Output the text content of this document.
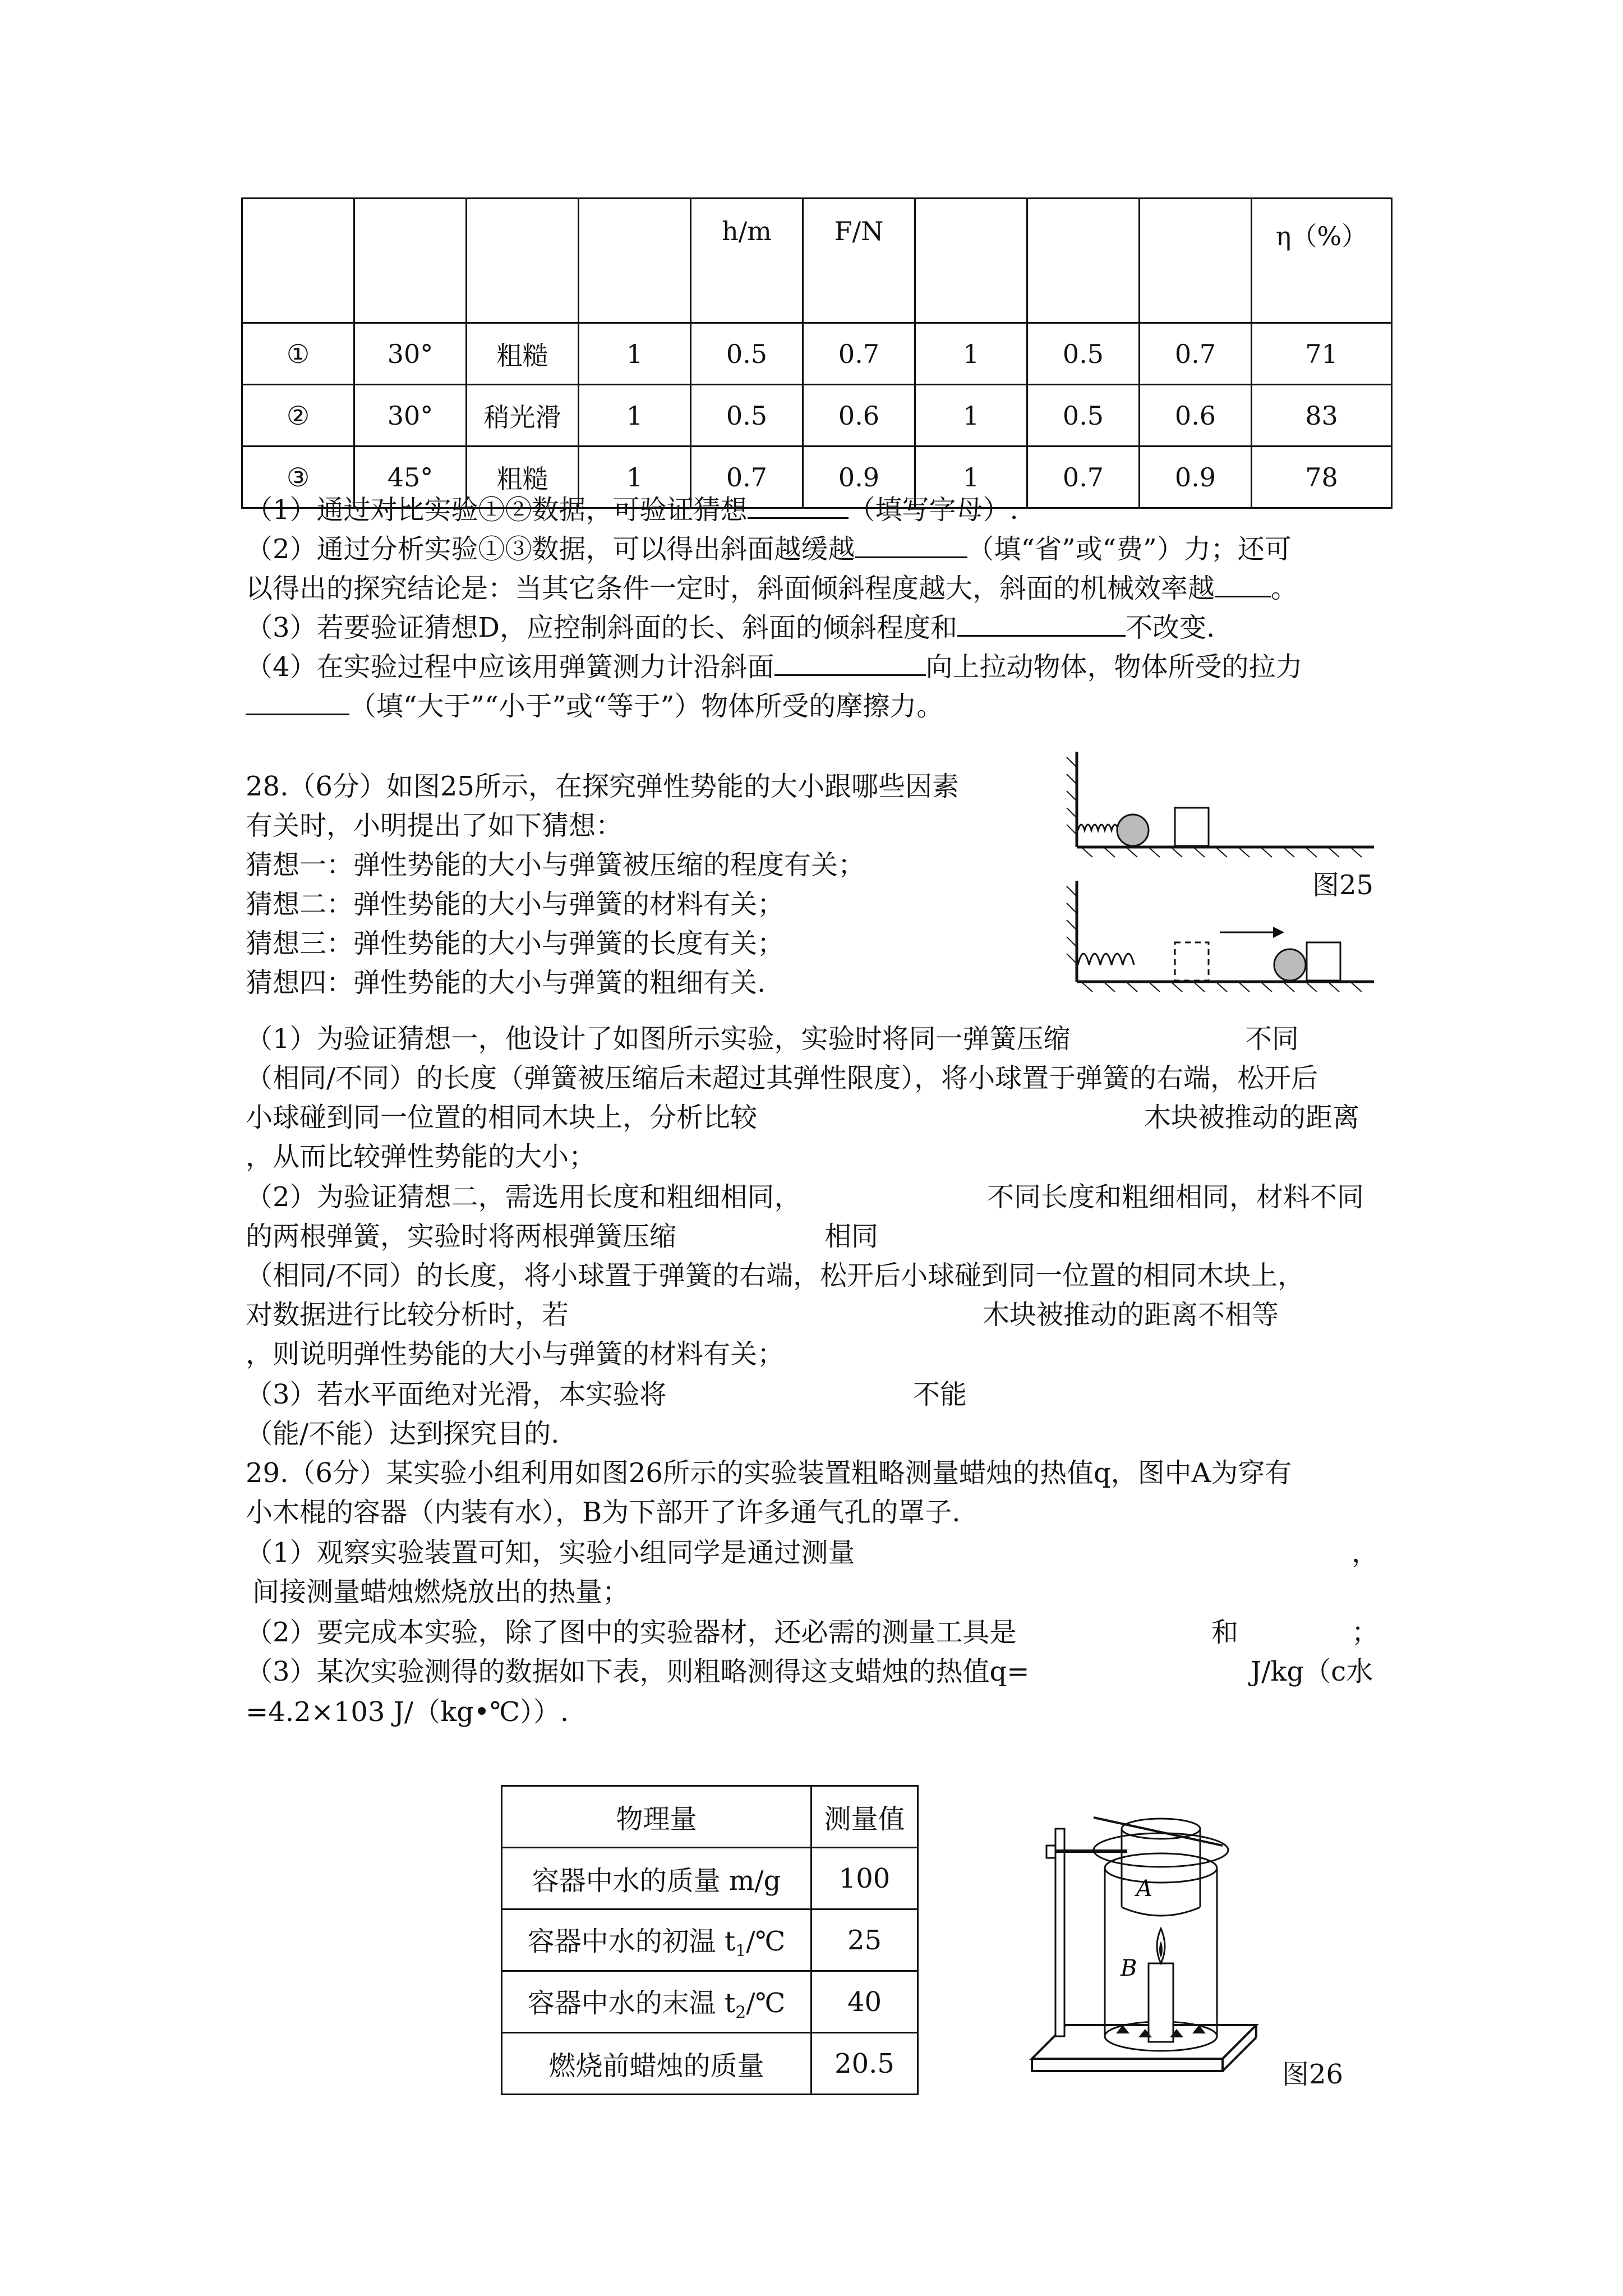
				h/m	F/N				η（%）
①	30°	粗糙	1	0.5	0.7	1	0.5	0.7	71
②	30°	稍光滑	1	0.5	0.6	1	0.5	0.6	83
③	45°	粗糙	1	0.7	0.9	1	0.7	0.9	78
（1）通过对比实验①②数据，可验证猜想	（填写字母）.
（2）通过分析实验①③数据，可以得出斜面越缓越	（填“省”或“费”）力；还可
以得出的探究结论是：当其它条件一定时，斜面倾斜程度越大，斜面的机械效率越 。
（3）若要验证猜想D，应控制斜面的长、斜面的倾斜程度和	不改变.
（4）在实验过程中应该用弹簧测力计沿斜面	向上拉动物体，物体所受的拉力
（填“大于”“小于”或“等于”）物体所受的摩擦力。
28.（6分）如图25所示，在探究弹性势能的大小跟哪些因素
有关时，小明提出了如下猜想：
猜想一：弹性势能的大小与弹簧被压缩的程度有关；
猜想二：弹性势能的大小与弹簧的材料有关；
猜想三：弹性势能的大小与弹簧的长度有关；
猜想四：弹性势能的大小与弹簧的粗细有关.
图25
（1）为验证猜想一，他设计了如图所示实验，实验时将同一弹簧压缩	不同
（相同/不同）的长度（弹簧被压缩后未超过其弹性限度），将小球置于弹簧的右端，松开后
小球碰到同一位置的相同木块上，分析比较	木块被推动的距离
，从而比较弹性势能的大小；
（2）为验证猜想二，需选用长度和粗细相同，	不同长度和粗细相同，材料不同
的两根弹簧，实验时将两根弹簧压缩	相同
（相同/不同）的长度，将小球置于弹簧的右端，松开后小球碰到同一位置的相同木块上，
对数据进行比较分析时，若	木块被推动的距离不相等
，则说明弹性势能的大小与弹簧的材料有关；
（3）若水平面绝对光滑，本实验将	不能
（能/不能）达到探究目的.
29.（6分）某实验小组利用如图26所示的实验装置粗略测量蜡烛的热值q，图中A为穿有
小木棍的容器（内装有水），B为下部开了许多通气孔的罩子.
（1）观察实验装置可知，实验小组同学是通过测量	，
间接测量蜡烛燃烧放出的热量；
（2）要完成本实验，除了图中的实验器材，还必需的测量工具是	和	；
（3）某次实验测得的数据如下表，则粗略测得这支蜡烛的热值q=	J/kg（c水
=4.2×103 J/（kg•℃））.
物理量	测量值
容器中水的质量 m/g	100
容器中水的初温 $t_1/℃$	25
容器中水的末温 $t_2/℃$	40
燃烧前蜡烛的质量	20.5
A
B
图26
